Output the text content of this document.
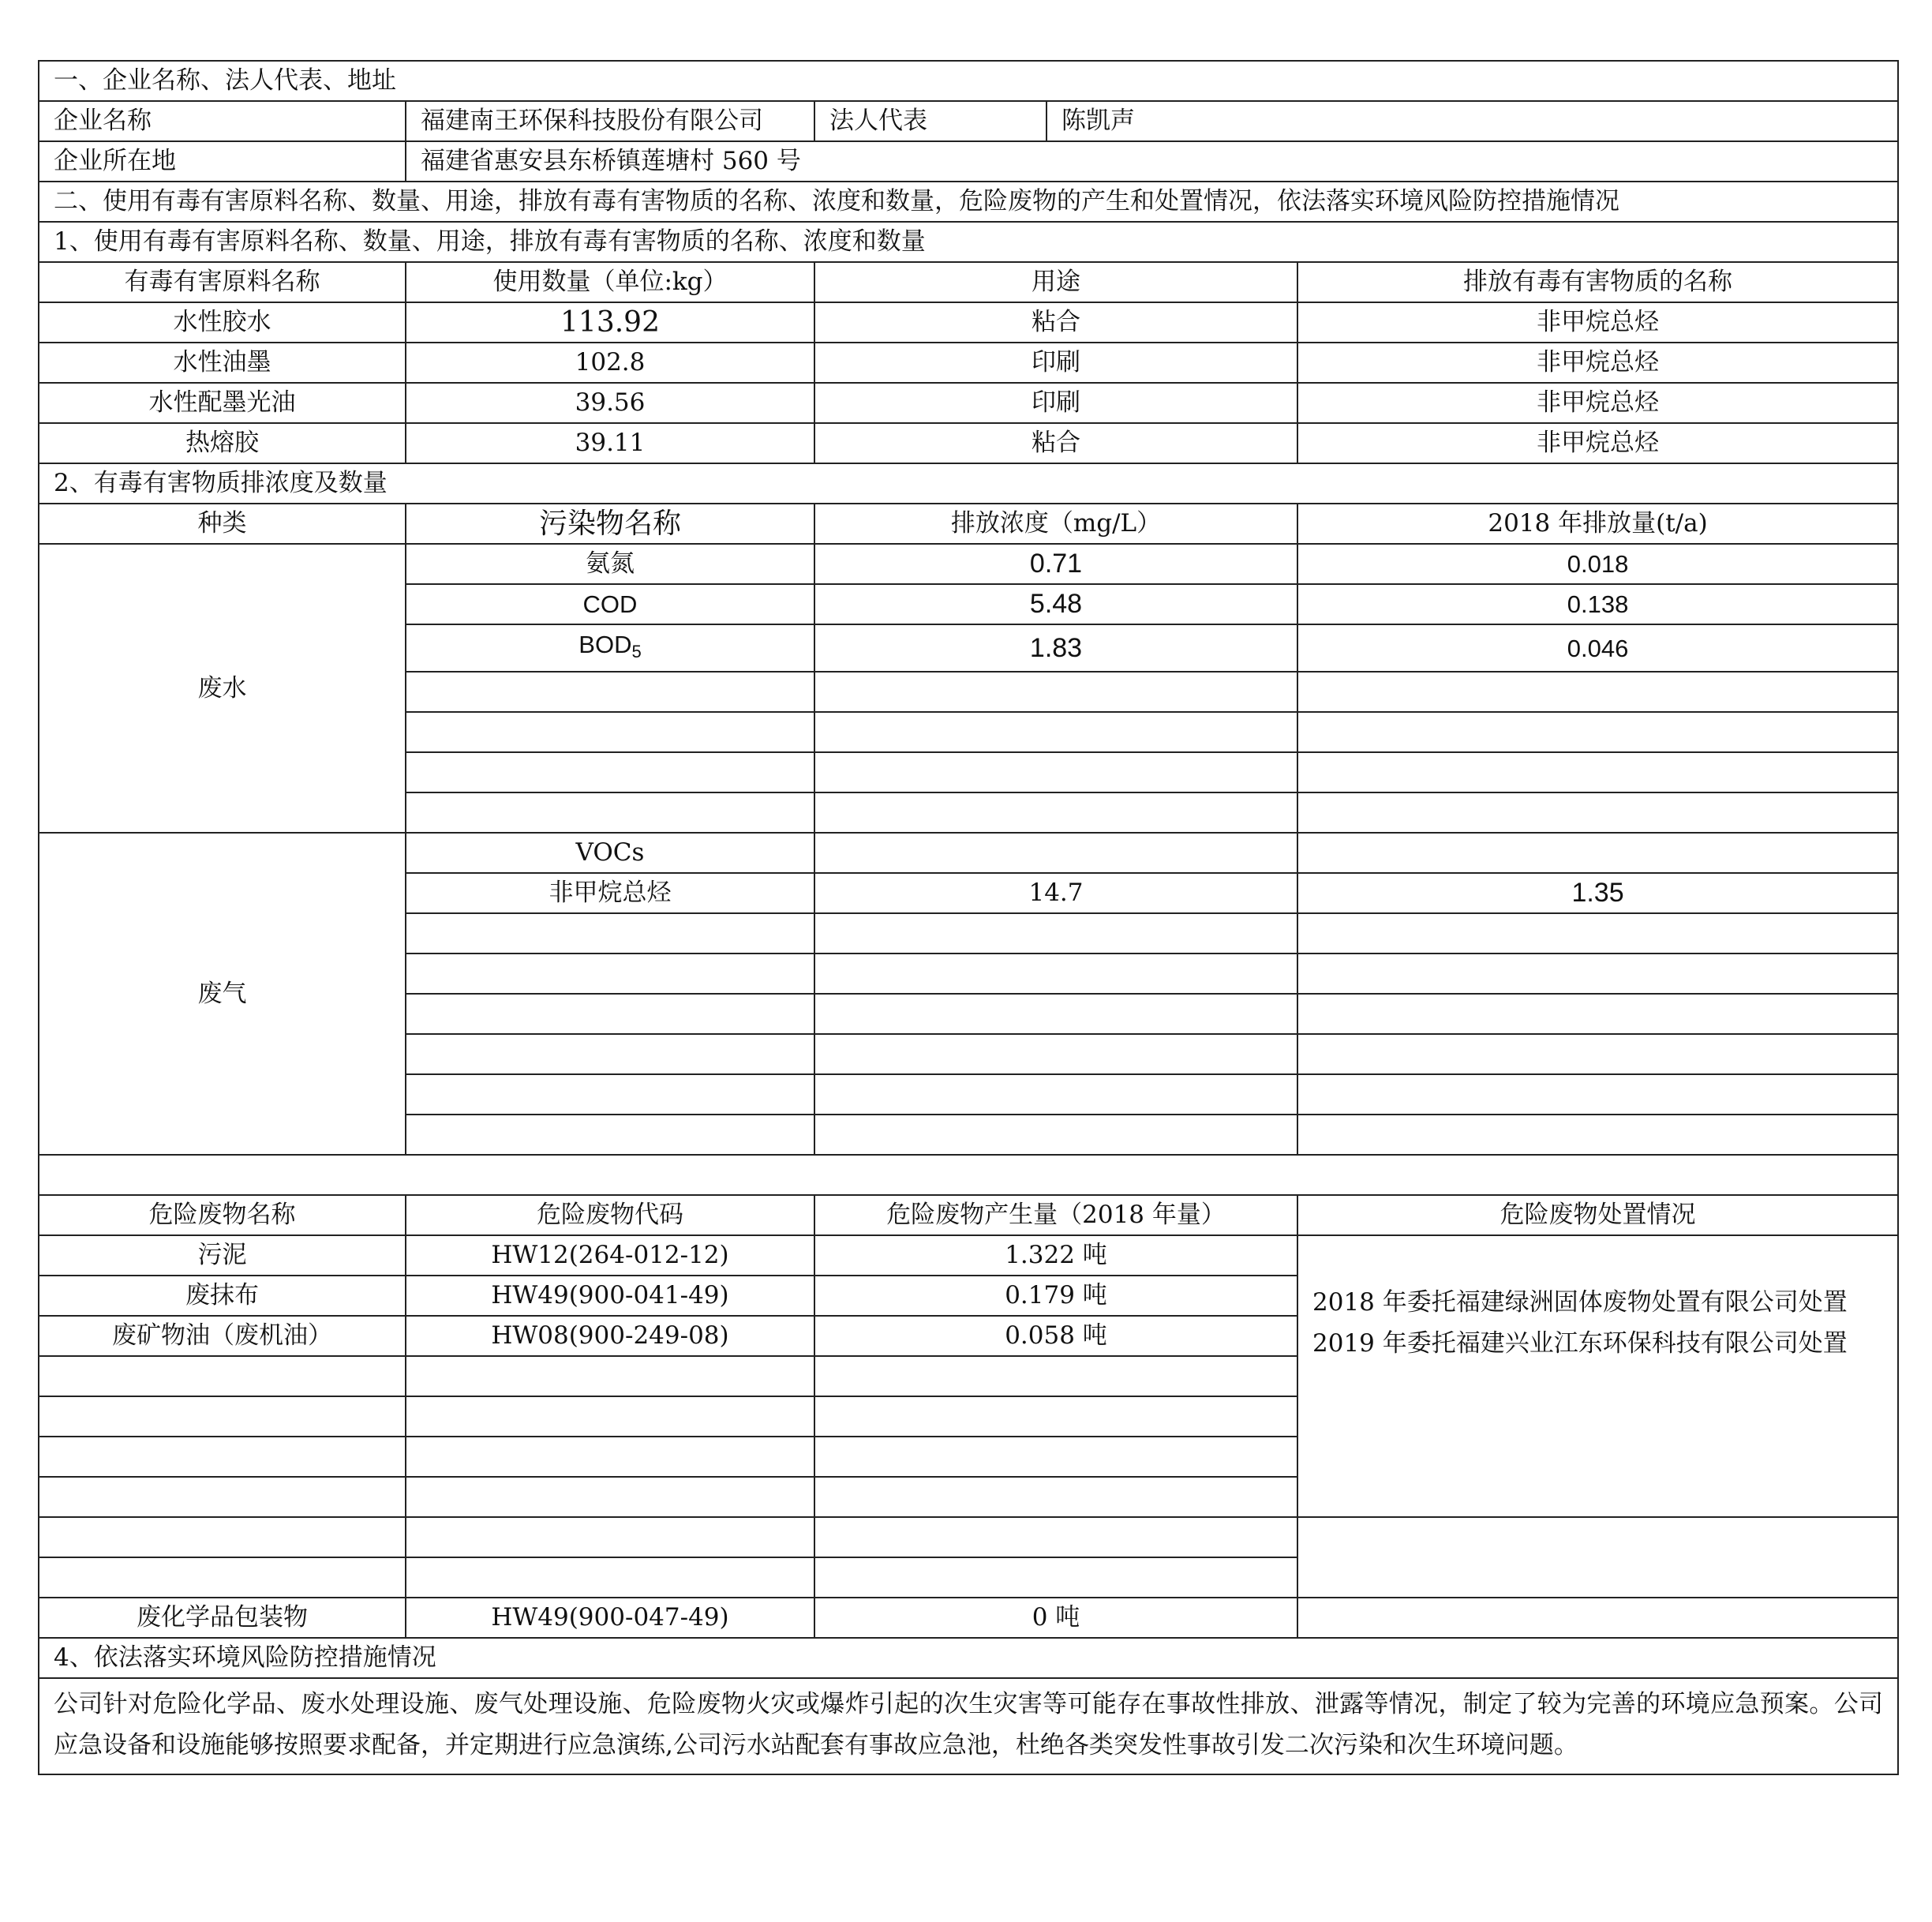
一、企业名称、法人代表、地址				
企业名称	福建南王环保科技股份有限公司	法人代表	陈凯声	
企业所在地	福建省惠安县东桥镇莲塘村 560 号			
二、使用有毒有害原料名称、数量、用途，排放有毒有害物质的名称、浓度和数量，危险废物的产生和处置情况，依法落实环境风险防控措施情况				
1、使用有毒有害原料名称、数量、用途，排放有毒有害物质的名称、浓度和数量				
有毒有害原料名称	使用数量（单位:kg）	用途		排放有毒有害物质的名称
水性胶水	113.92	粘合		非甲烷总烃
水性油墨	102.8	印刷		非甲烷总烃
水性配墨光油	39.56	印刷		非甲烷总烃
热熔胶	39.11	粘合		非甲烷总烃
2、有毒有害物质排浓度及数量				
种类	污染物名称	排放浓度（mg/L）		2018 年排放量(t/a)
废水	氨氮	0.71		0.018
	COD	5.48		0.138
	$BOD_5$	1.83		0.046

废气	VOCs			
	非甲烷总烃	14.7		1.35

危险废物名称	危险废物代码	危险废物产生量（2018 年量）		危险废物处置情况
污泥	HW12(264-012-12)	1.322 吨		2018 年委托福建绿洲固体废物处置有限公司处置
2019 年委托福建兴业江东环保科技有限公司处置

废抹布	HW49(900-041-49)	0.179 吨		
废矿物油（废机油）	HW08(900-249-08)	0.058 吨		

废化学品包装物	HW49(900-047-49)	0 吨		
4、依法落实环境风险防控措施情况				
公司针对危险化学品、废水处理设施、废气处理设施、危险废物火灾或爆炸引起的次生灾害等可能存在事故性排放、泄露等情况，制定了较为完善的环境应急预案。公司应急设备和设施能够按照要求配备，并定期进行应急演练,公司污水站配套有事故应急池，杜绝各类突发性事故引发二次污染和次生环境问题。				
